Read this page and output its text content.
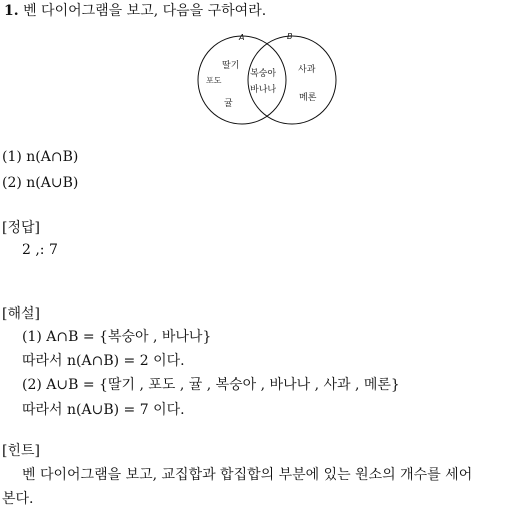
1. 벤 다이어그램을 보고, 다음을 구하여라.
A	B
딸기
포도
귤
복숭아
바나나
사과
메론
(1) n(A∩B)
(2) n(A∪B)
[정답]
2 ,: 7
[해설]
(1) A∩B = {복숭아 , 바나나}
따라서 n(A∩B) = 2 이다.
(2) A∪B = {딸기 , 포도 , 귤 , 복숭아 , 바나나 , 사과 , 메론}
따라서 n(A∪B) = 7 이다.
[힌트]
벤 다이어그램을 보고, 교집합과 합집합의 부분에 있는 원소의 개수를 세어
본다.
